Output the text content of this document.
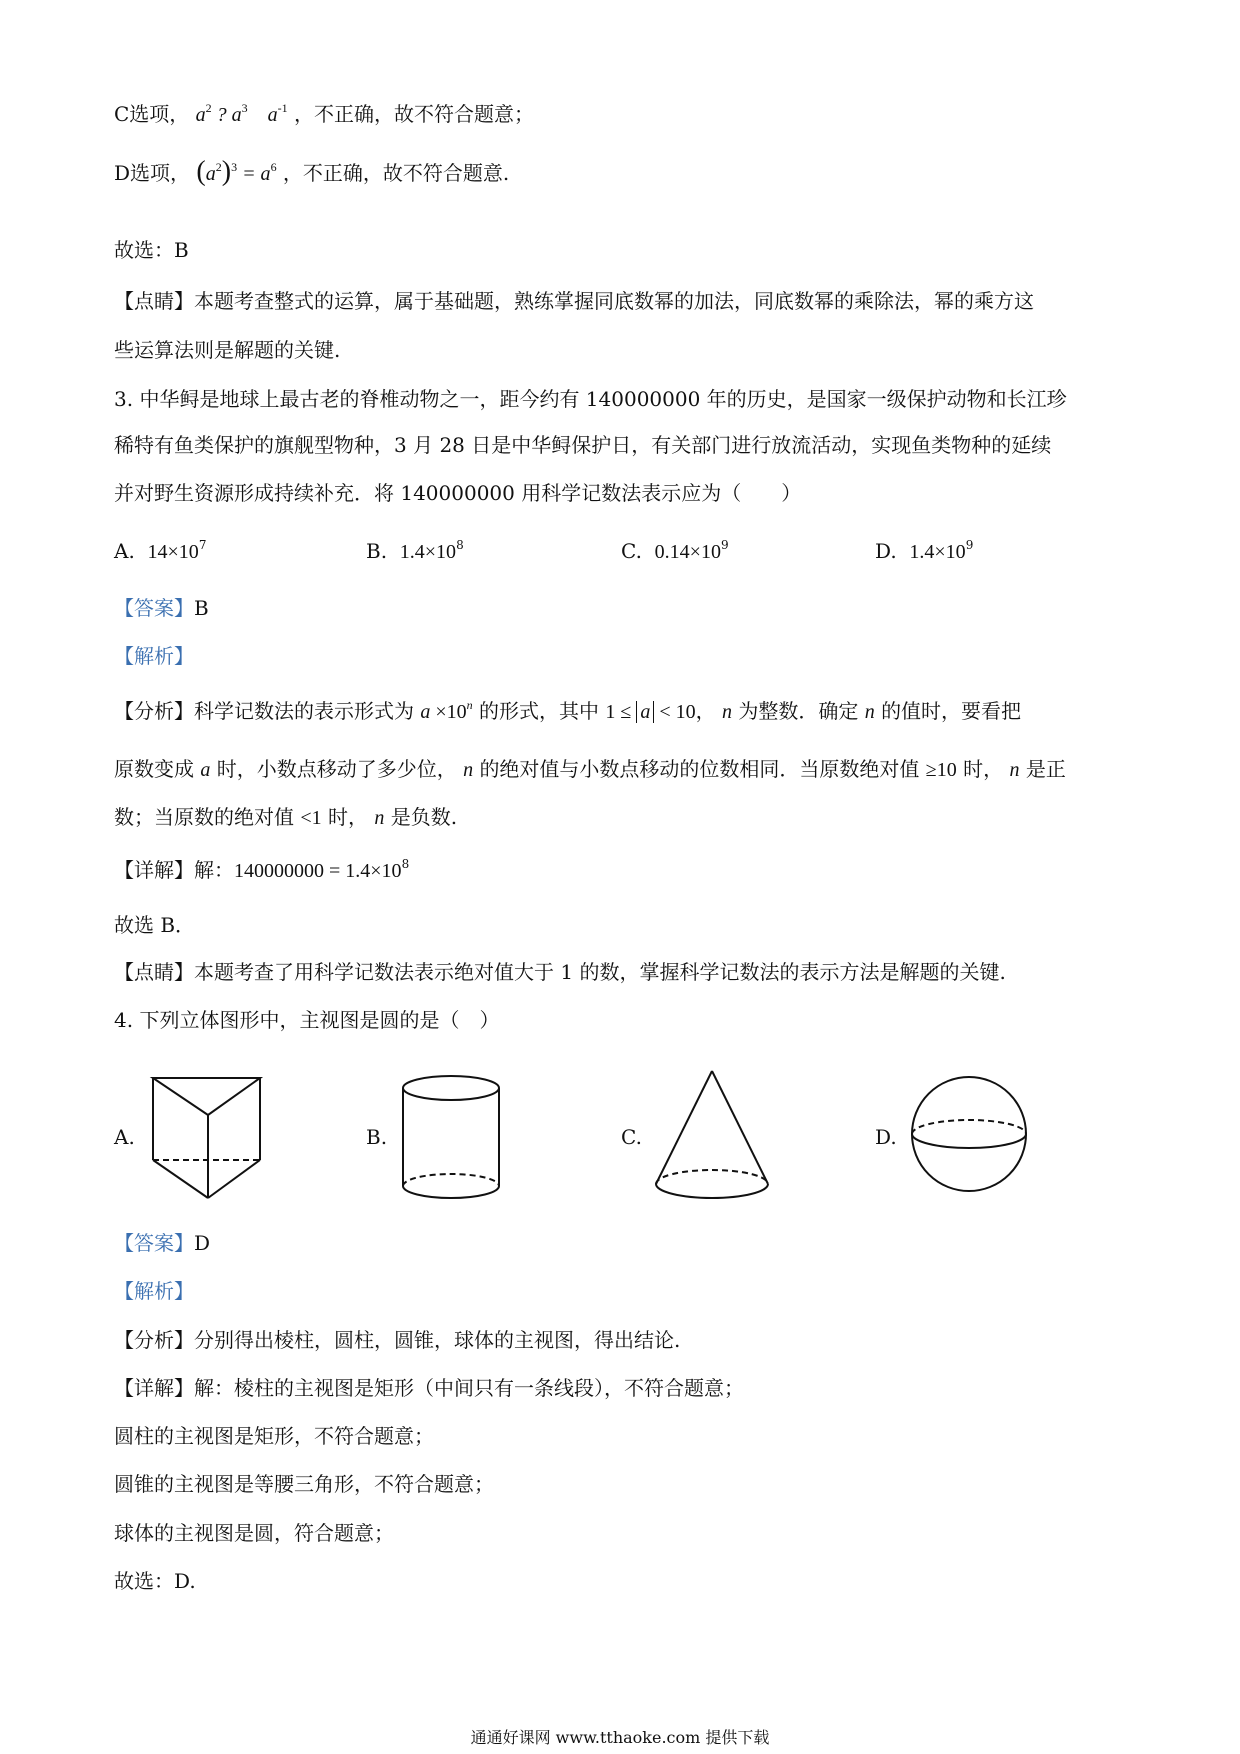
C选项， $a^2$ ? $a^3$    $a^{-1}$ ，不正确，故不符合题意；
D选项， $(a^2)^3 = a^6$ ，不正确，故不符合题意.
故选：B
【点睛】本题考查整式的运算，属于基础题，熟练掌握同底数幂的加法，同底数幂的乘除法，幂的乘方这
些运算法则是解题的关键.
3. 中华鲟是地球上最古老的脊椎动物之一，距今约有 140000000 年的历史，是国家一级保护动物和长江珍
稀特有鱼类保护的旗舰型物种，3 月 28 日是中华鲟保护日，有关部门进行放流活动，实现鱼类物种的延续
并对野生资源形成持续补充．将 140000000 用科学记数法表示应为（　　）
A. $14\times 10^7$	B. $1.4\times 10^8$	C. $0.14\times 10^9$	D. $1.4\times 10^9$
【答案】B
【解析】
【分析】科学记数法的表示形式为 $a \times 10^n$ 的形式，其中 1 ≤ a < 10， n 为整数．确定 n 的值时，要看把
原数变成 a 时，小数点移动了多少位， n 的绝对值与小数点移动的位数相同．当原数绝对值 ≥10 时， n 是正
数；当原数的绝对值 <1 时， n 是负数.
【详解】解：$140000000 = 1.4\times 10^8$
故选 B．
【点睛】本题考查了用科学记数法表示绝对值大于 1 的数，掌握科学记数法的表示方法是解题的关键.
4. 下列立体图形中，主视图是圆的是（　）
A.	B.	C.	D.
【答案】D
【解析】
【分析】分别得出棱柱，圆柱，圆锥，球体的主视图，得出结论.
【详解】解：棱柱的主视图是矩形（中间只有一条线段），不符合题意；
圆柱的主视图是矩形，不符合题意；
圆锥的主视图是等腰三角形，不符合题意；
球体的主视图是圆，符合题意；
故选：D.
通通好课网 www.tthaoke.com 提供下载
